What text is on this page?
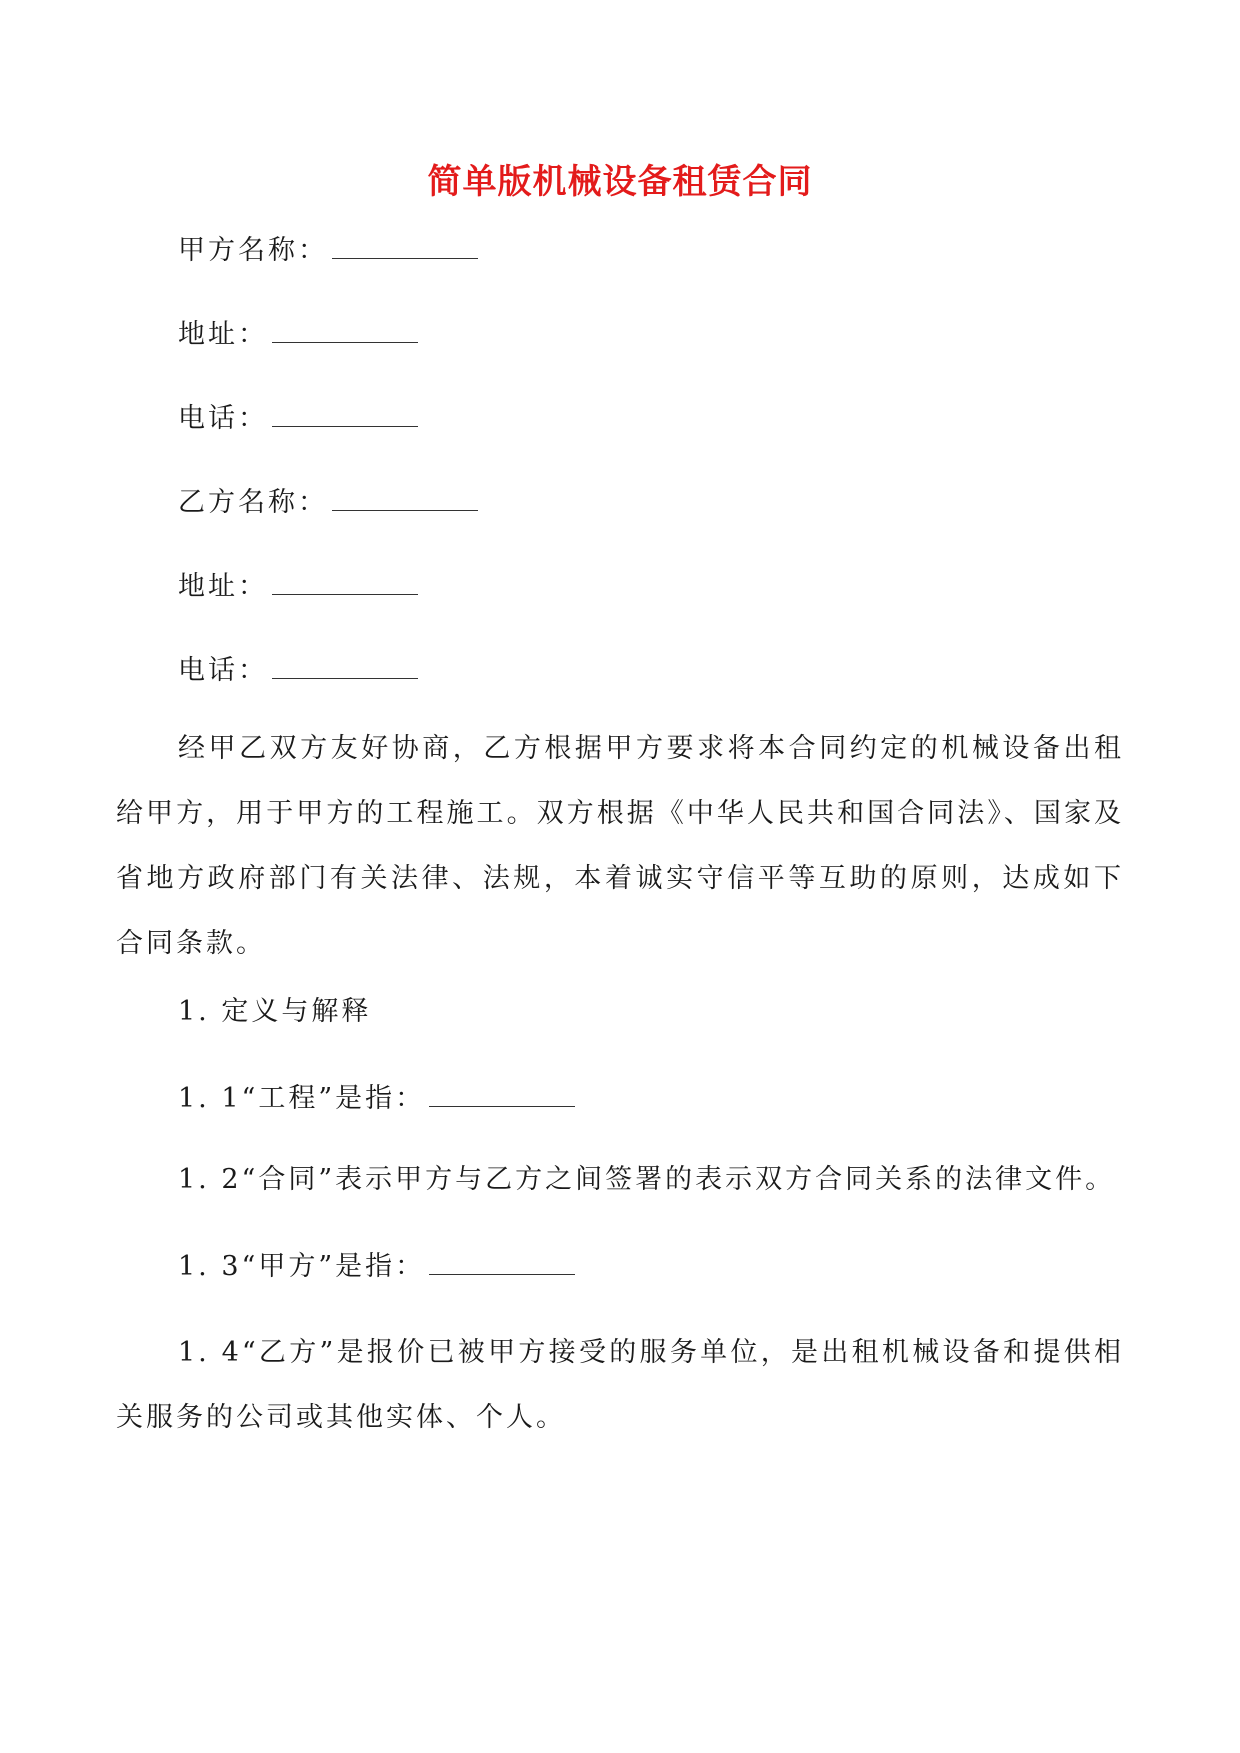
简单版机械设备租赁合同
甲方名称：
地址：
电话：
乙方名称：
地址：
电话：
经甲乙双方友好协商，乙方根据甲方要求将本合同约定的机械设备出租给甲方，用于甲方的工程施工。双方根据《中华人民共和国合同法》、国家及省地方政府部门有关法律、法规，本着诚实守信平等互助的原则，达成如下合同条款。
1. 定义与解释
1. 1“工程”是指：
1. 2“合同”表示甲方与乙方之间签署的表示双方合同关系的法律文件。
1. 3“甲方”是指：
1. 4“乙方”是报价已被甲方接受的服务单位，是出租机械设备和提供相关服务的公司或其他实体、个人。
